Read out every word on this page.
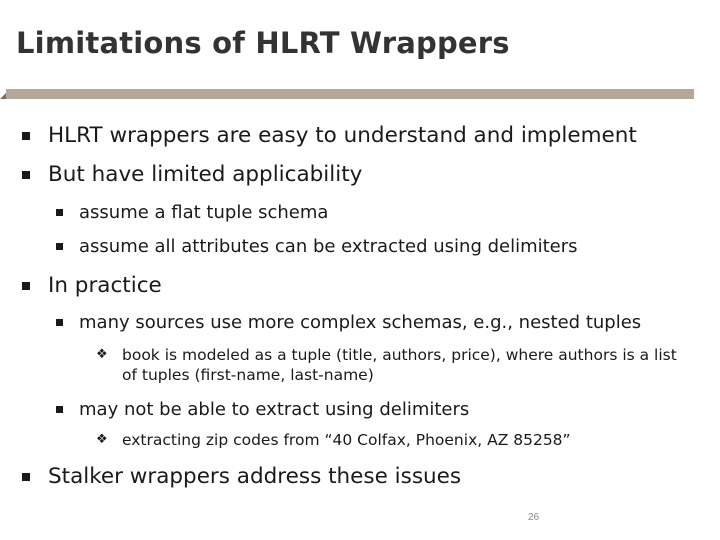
Limitations of HLRT Wrappers
HLRT wrappers are easy to understand and implement
But have limited applicability
assume a flat tuple schema
assume all attributes can be extracted using delimiters
In practice
many sources use more complex schemas, e.g., nested tuples
❖ book is modeled as a tuple (title, authors, price), where authors is a list of tuples (first-name, last-name)
may not be able to extract using delimiters
❖ extracting zip codes from “40 Colfax, Phoenix, AZ 85258”
Stalker wrappers address these issues
26
